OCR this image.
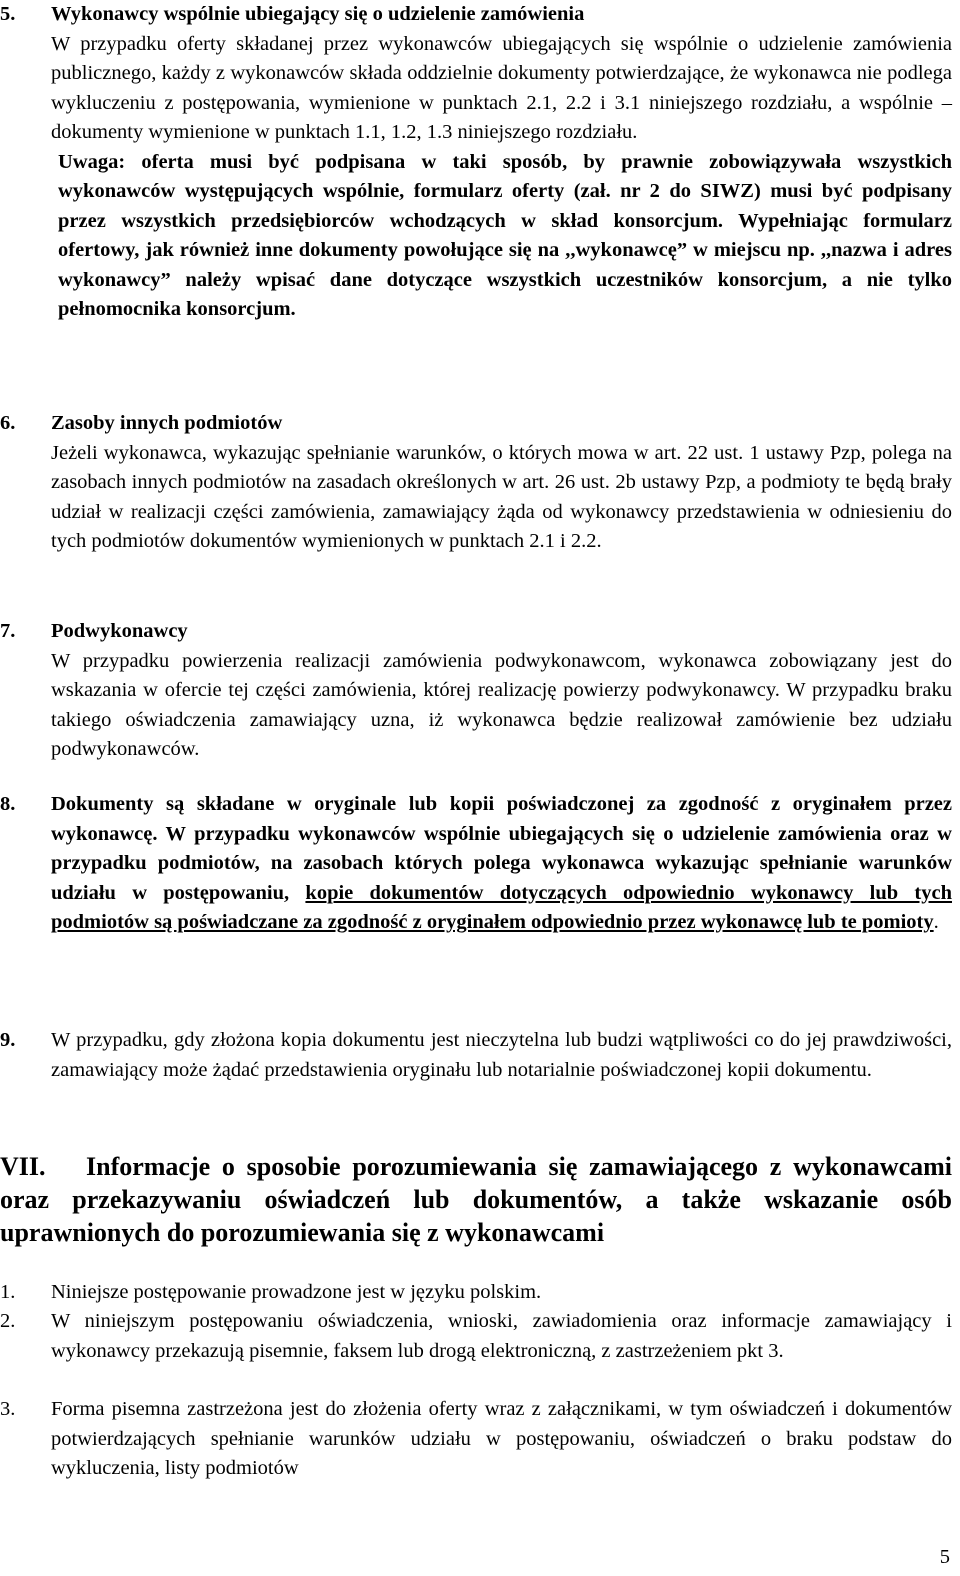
5. Wykonawcy wspólnie ubiegający się o udzielenie zamówienia

W przypadku oferty składanej przez wykonawców ubiegających się wspólnie o udzielenie zamówienia publicznego, każdy z wykonawców składa oddzielnie dokumenty potwierdzające, że wykonawca nie podlega wykluczeniu z postępowania, wymienione w punktach 2.1, 2.2 i 3.1 niniejszego rozdziału, a wspólnie – dokumenty wymienione w punktach 1.1, 1.2, 1.3 niniejszego rozdziału.

Uwaga: oferta musi być podpisana w taki sposób, by prawnie zobowiązywała wszystkich wykonawców występujących wspólnie, formularz oferty (zał. nr 2 do SIWZ) musi być podpisany przez wszystkich przedsiębiorców wchodzących w skład konsorcjum. Wypełniając formularz ofertowy, jak również inne dokumenty powołujące się na ,,wykonawcę” w miejscu np. ,,nazwa i adres wykonawcy” należy wpisać dane dotyczące wszystkich uczestników konsorcjum, a nie tylko pełnomocnika konsorcjum.

6. Zasoby innych podmiotów

Jeżeli wykonawca, wykazując spełnianie warunków, o których mowa w art. 22 ust. 1 ustawy Pzp, polega na zasobach innych podmiotów na zasadach określonych w art. 26 ust. 2b ustawy Pzp, a podmioty te będą brały udział w realizacji części zamówienia, zamawiający żąda od wykonawcy przedstawienia w odniesieniu do tych podmiotów dokumentów wymienionych w punktach 2.1 i 2.2.

7. Podwykonawcy

W przypadku powierzenia realizacji zamówienia podwykonawcom, wykonawca zobowiązany jest do wskazania w ofercie tej części zamówienia, której realizację powierzy podwykonawcy. W przypadku braku takiego oświadczenia zamawiający uzna, iż wykonawca będzie realizował zamówienie bez udziału podwykonawców.

8. Dokumenty są składane w oryginale lub kopii poświadczonej za zgodność z oryginałem przez wykonawcę. W przypadku wykonawców wspólnie ubiegających się o udzielenie zamówienia oraz w przypadku podmiotów, na zasobach których polega wykonawca wykazując spełnianie warunków udziału w postępowaniu, kopie dokumentów dotyczących odpowiednio wykonawcy lub tych podmiotów są poświadczane za zgodność z oryginałem odpowiednio przez wykonawcę lub te pomioty.

9. W przypadku, gdy złożona kopia dokumentu jest nieczytelna lub budzi wątpliwości co do jej prawdziwości, zamawiający może żądać przedstawienia oryginału lub notarialnie poświadczonej kopii dokumentu.

VII. Informacje o sposobie porozumiewania się zamawiającego z wykonawcami oraz przekazywaniu oświadczeń lub dokumentów, a także wskazanie osób uprawnionych do porozumiewania się z wykonawcami
1. Niniejsze postępowanie prowadzone jest w języku polskim.

2. W niniejszym postępowaniu oświadczenia, wnioski, zawiadomienia oraz informacje zamawiający i wykonawcy przekazują pisemnie, faksem lub drogą elektroniczną, z zastrzeżeniem pkt 3.

3. Forma pisemna zastrzeżona jest do złożenia oferty wraz z załącznikami, w tym oświadczeń i dokumentów potwierdzających spełnianie warunków udziału w postępowaniu, oświadczeń o braku podstaw do wykluczenia, listy podmiotów

5
